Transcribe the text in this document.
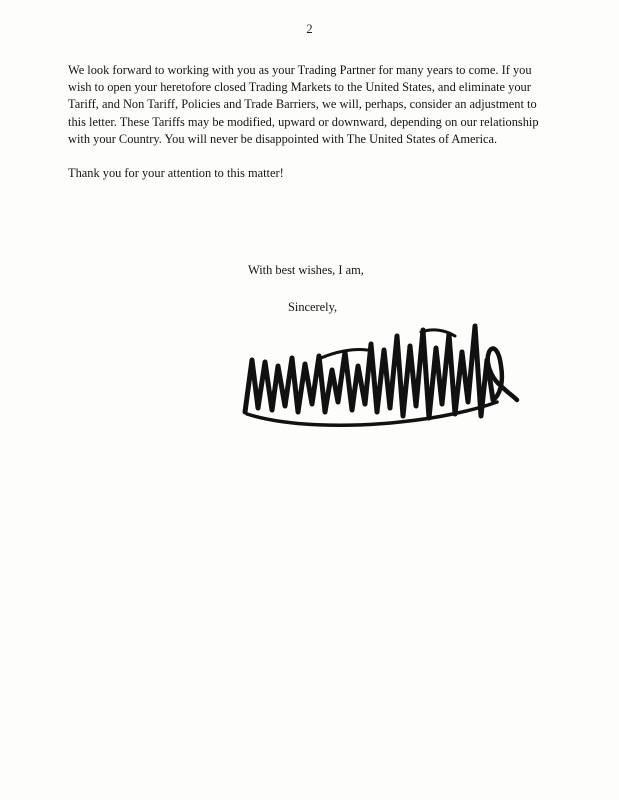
2

We look forward to working with you as your Trading Partner for many years to come. If you wish to open your heretofore closed Trading Markets to the United States, and eliminate your Tariff, and Non Tariff, Policies and Trade Barriers, we will, perhaps, consider an adjustment to this letter. These Tariffs may be modified, upward or downward, depending on our relationship with your Country. You will never be disappointed with The United States of America.

Thank you for your attention to this matter!

With best wishes, I am,
Sincerely,
